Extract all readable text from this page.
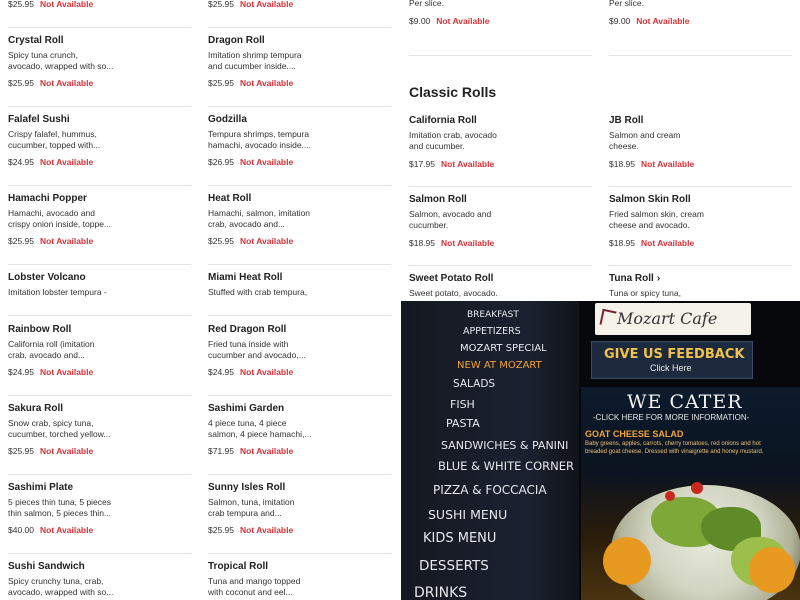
$25.95 Not Available
Crystal Roll
Spicy tuna crunch,
avocado, wrapped with so...
$25.95 Not Available
Falafel Sushi
Crispy falafel, hummus,
cucumber, topped with...
$24.95 Not Available
Hamachi Popper
Hamachi, avocado and
crispy onion inside, toppe...
$25.95 Not Available
Lobster Volcano
Imitation lobster tempura -
Rainbow Roll
California roll (imitation
crab, avocado and...
$24.95 Not Available
Sakura Roll
Snow crab, spicy tuna,
cucumber, torched yellow...
$25.95 Not Available
Sashimi Plate
5 pieces thin tuna, 5 pieces
thin salmon, 5 pieces thin...
$40.00 Not Available
Sushi Sandwich
Spicy crunchy tuna, crab,
avocado, wrapped with so...
$25.95 Not Available
Dragon Roll
Imitation shrimp tempura
and cucumber inside....
$25.95 Not Available
Godzilla
Tempura shrimps, tempura
hamachi, avocado inside....
$26.95 Not Available
Heat Roll
Hamachi, salmon, imitation
crab, avocado and...
$25.95 Not Available
Miami Heat Roll
Stuffed with crab tempura,
Red Dragon Roll
Fried tuna inside with
cucumber and avocado,...
$24.95 Not Available
Sashimi Garden
4 piece tuna, 4 piece
salmon, 4 piece hamachi,...
$71.95 Not Available
Sunny Isles Roll
Salmon, tuna, imitation
crab tempura and...
$25.95 Not Available
Tropical Roll
Tuna and mango topped
with coconut and eel...
Per slice.
$9.00 Not Available
Classic Rolls
California Roll
Imitation crab, avocado
and cucumber.
$17.95 Not Available
Salmon Roll
Salmon, avocado and
cucumber.
$18.95 Not Available
Sweet Potato Roll
Sweet potato, avocado.
Per slice.
$9.00 Not Available
JB Roll
Salmon and cream
cheese.
$18.95 Not Available
Salmon Skin Roll
Fried salmon skin, cream
cheese and avocado.
$18.95 Not Available
Tuna Roll ›
Tuna or spicy tuna,
BREAKFAST
APPETIZERS
MOZART SPECIAL
NEW AT MOZART
SALADS
FISH
PASTA
SANDWICHES & PANINI
BLUE & WHITE CORNER
PIZZA & FOCCACIA
SUSHI MENU
KIDS MENU
DESSERTS
DRINKS
Mozart Cafe
GIVE US FEEDBACK
Click Here
WE CATER
-CLICK HERE FOR MORE INFORMATION-
GOAT CHEESE SALAD
Baby greens, apples, carrots, cherry tomatoes, red onions and hot breaded goat cheese. Dressed with vinaigrette and honey mustard.
